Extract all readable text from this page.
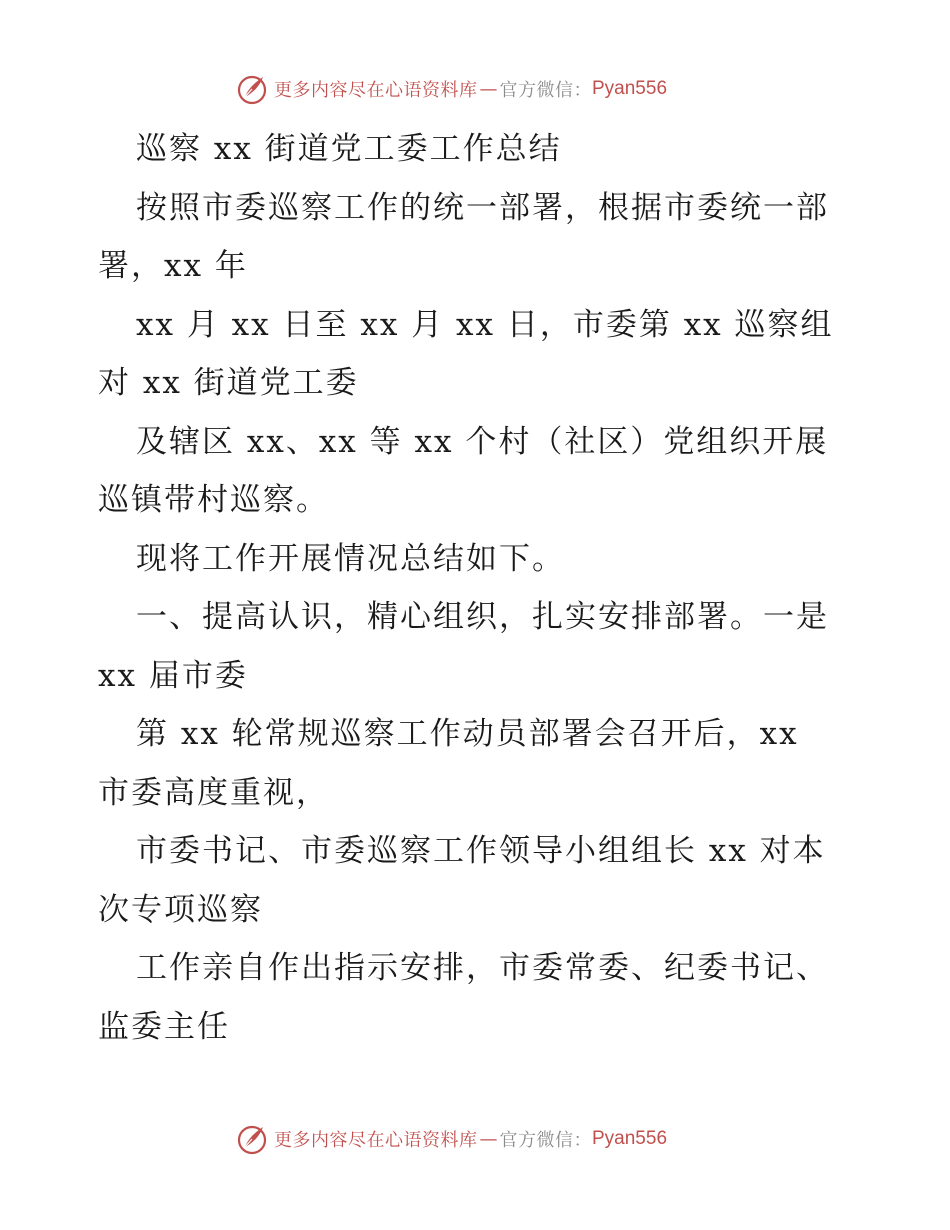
更多内容尽在心语资料库 — 官方微信： Pyan556
巡察 xx 街道党工委工作总结
按照市委巡察工作的统一部署，根据市委统一部
署，xx 年
xx 月 xx 日至 xx 月 xx 日，市委第 xx 巡察组
对 xx 街道党工委
及辖区 xx、xx 等 xx 个村（社区）党组织开展
巡镇带村巡察。
现将工作开展情况总结如下。
一、提高认识，精心组织，扎实安排部署。一是
xx 届市委
第 xx 轮常规巡察工作动员部署会召开后，xx
市委高度重视，
市委书记、市委巡察工作领导小组组长 xx 对本
次专项巡察
工作亲自作出指示安排，市委常委、纪委书记、
监委主任
更多内容尽在心语资料库 — 官方微信： Pyan556
